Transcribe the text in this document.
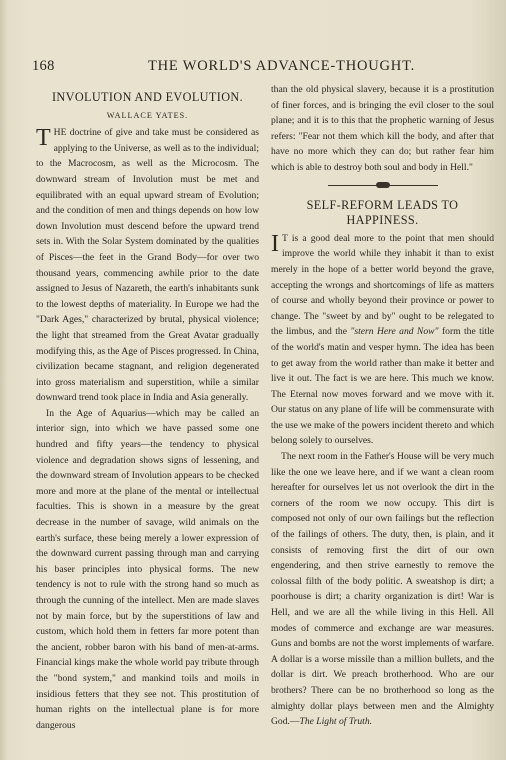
168	THE WORLD'S ADVANCE-THOUGHT.
INVOLUTION AND EVOLUTION.
WALLACE YATES.

THE doctrine of give and take must be considered as applying to the Universe, as well as to the individual; to the Macrocosm, as well as the Microcosm. The downward stream of Involution must be met and equilibrated with an equal upward stream of Evolution; and the condition of men and things depends on how low down Involution must descend before the upward trend sets in. With the Solar System dominated by the qualities of Pisces—the feet in the Grand Body—for over two thousand years, commencing awhile prior to the date assigned to Jesus of Nazareth, the earth's inhabitants sunk to the lowest depths of materiality. In Europe we had the "Dark Ages," characterized by brutal, physical violence; the light that streamed from the Great Avatar gradually modifying this, as the Age of Pisces progressed. In China, civilization became stagnant, and religion degenerated into gross materialism and superstition, while a similar downward trend took place in India and Asia generally.

In the Age of Aquarius—which may be called an interior sign, into which we have passed some one hundred and fifty years—the tendency to physical violence and degradation shows signs of lessening, and the downward stream of Involution appears to be checked more and more at the plane of the mental or intellectual faculties. This is shown in a measure by the great decrease in the number of savage, wild animals on the earth's surface, these being merely a lower expression of the downward current passing through man and carrying his baser principles into physical forms. The new tendency is not to rule with the strong hand so much as through the cunning of the intellect. Men are made slaves not by main force, but by the superstitions of law and custom, which hold them in fetters far more potent than the ancient, robber baron with his band of men-at-arms. Financial kings make the whole world pay tribute through the "bond system," and mankind toils and moils in insidious fetters that they see not. This prostitution of human rights on the intellectual plane is for more dangerous

than the old physical slavery, because it is a prostitution of finer forces, and is bringing the evil closer to the soul plane; and it is to this that the prophetic warning of Jesus refers: "Fear not them which kill the body, and after that have no more which they can do; but rather fear him which is able to destroy both soul and body in Hell."

SELF-REFORM LEADS TO HAPPINESS.

I T is a good deal more to the point that men should improve the world while they inhabit it than to exist merely in the hope of a better world beyond the grave, accepting the wrongs and shortcomings of life as matters of course and wholly beyond their province or power to change. The "sweet by and by" ought to be relegated to the limbus, and the "stern Here and Now" form the title of the world's matin and vesper hymn. The idea has been to get away from the world rather than make it better and live it out. The fact is we are here. This much we know. The Eternal now moves forward and we move with it. Our status on any plane of life will be commensurate with the use we make of the powers incident thereto and which belong solely to ourselves.

The next room in the Father's House will be very much like the one we leave here, and if we want a clean room hereafter for ourselves let us not overlook the dirt in the corners of the room we now occupy. This dirt is composed not only of our own failings but the reflection of the failings of others. The duty, then, is plain, and it consists of removing first the dirt of our own engendering, and then strive earnestly to remove the colossal filth of the body politic. A sweatshop is dirt; a poorhouse is dirt; a charity organization is dirt! War is Hell, and we are all the while living in this Hell. All modes of commerce and exchange are war measures. Guns and bombs are not the worst implements of warfare. A dollar is a worse missile than a million bullets, and the dollar is dirt. We preach brotherhood. Who are our brothers? There can be no brotherhood so long as the almighty dollar plays between men and the Almighty God.—The Light of Truth.
